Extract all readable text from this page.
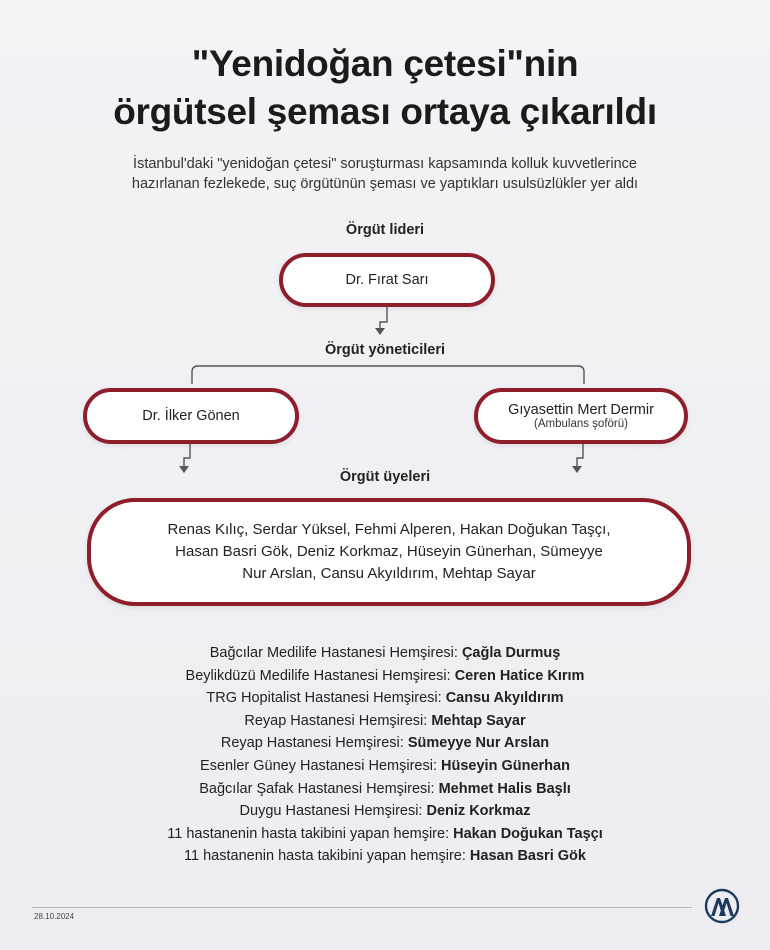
"Yenidoğan çetesi"nin
örgütsel şeması ortaya çıkarıldı
İstanbul'daki "yenidoğan çetesi" soruşturması kapsamında kolluk kuvvetlerince
hazırlanan fezlekede, suç örgütünün şeması ve yaptıkları usulsüzlükler yer aldı
Örgüt lideri
Dr. Fırat Sarı
Örgüt yöneticileri
Dr. İlker Gönen	Gıyasettin Mert Dermir
(Ambulans şoförü)
Örgüt üyeleri
Renas Kılıç, Serdar Yüksel, Fehmi Alperen, Hakan Doğukan Taşçı,
Hasan Basri Gök, Deniz Korkmaz, Hüseyin Günerhan, Sümeyye
Nur Arslan, Cansu Akyıldırım, Mehtap Sayar
Bağcılar Medilife Hastanesi Hemşiresi: Çağla Durmuş
Beylikdüzü Medilife Hastanesi Hemşiresi: Ceren Hatice Kırım
TRG Hopitalist Hastanesi Hemşiresi: Cansu Akyıldırım
Reyap Hastanesi Hemşiresi: Mehtap Sayar
Reyap Hastanesi Hemşiresi: Sümeyye Nur Arslan
Esenler Güney Hastanesi Hemşiresi: Hüseyin Günerhan
Bağcılar Şafak Hastanesi Hemşiresi: Mehmet Halis Başlı
Duygu Hastanesi Hemşiresi: Deniz Korkmaz
11 hastanenin hasta takibini yapan hemşire: Hakan Doğukan Taşçı
11 hastanenin hasta takibini yapan hemşire: Hasan Basri Gök
28.10.2024
